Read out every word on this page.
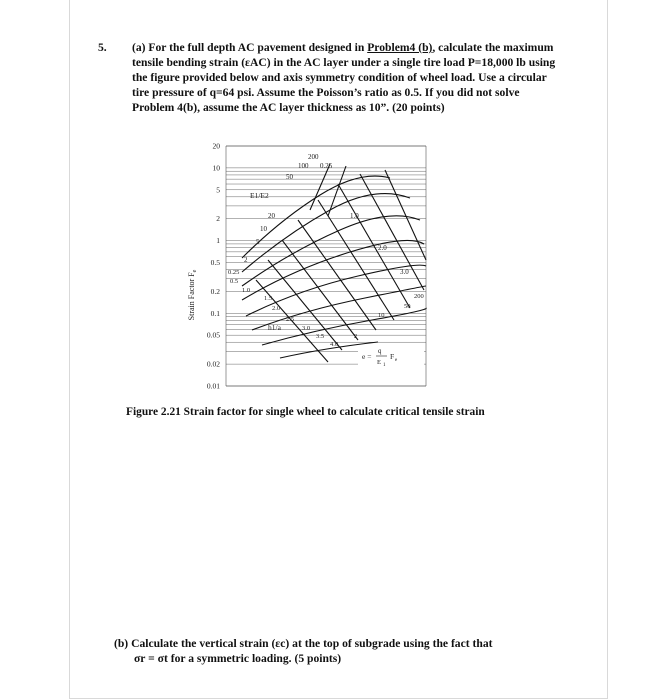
5. (a) For the full depth AC pavement designed in Problem4 (b), calculate the maximum tensile bending strain (εAC) in the AC layer under a single tire load P=18,000 lb using the figure provided below and axis symmetry condition of wheel load. Use a circular tire pressure of q=64 psi. Assume the Poisson’s ratio as 0.5. If you did not solve Problem 4(b), assume the AC layer thickness as 10”. (20 points)
20
10
5
2
1
0.5
0.2
0.1
0.05
0.02
0.01
Strain Factor $F_e$
E1/E2
0.25
200
100
50
20
10
5
2
0.25
0.5
1.0
1.5
2.0
2.5
3.0
3.5
4.0
h1/a
1.0
2.0
3.0
200
50
10
2
e =
q
E 1
F e
Figure 2.21 Strain factor for single wheel to calculate critical tensile strain
(b) Calculate the vertical strain (εc) at the top of subgrade using the fact that
σr = σt for a symmetric loading. (5 points)
